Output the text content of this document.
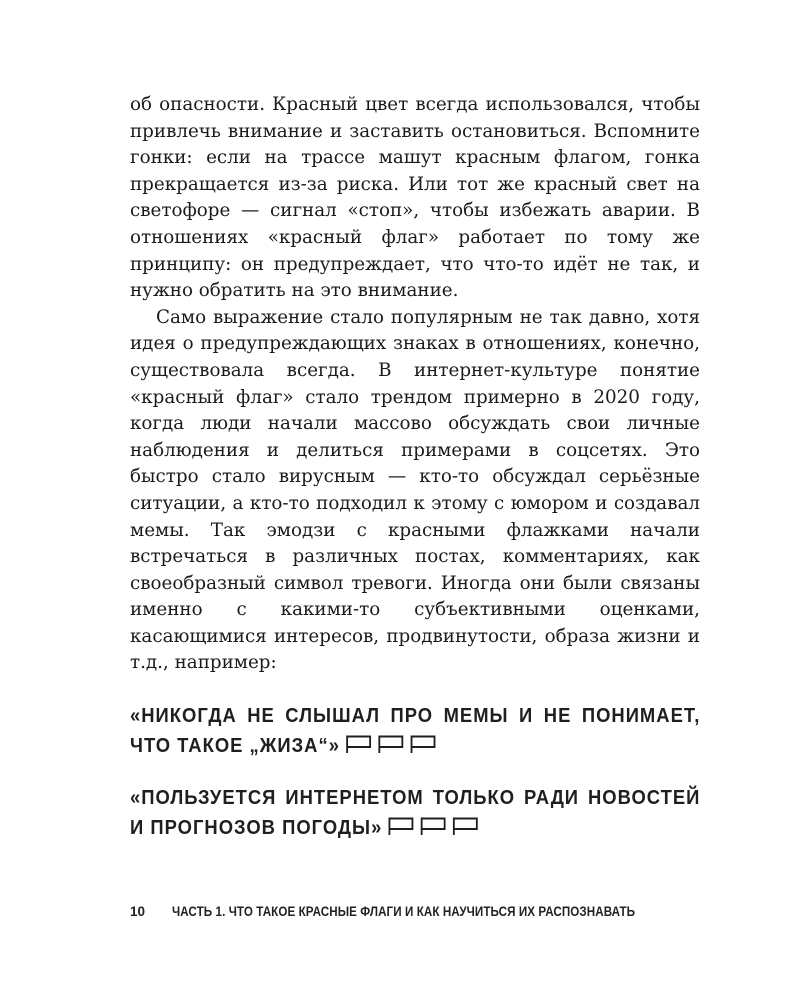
об опасности. Красный цвет всегда использовался, чтобы привлечь внимание и заставить остановиться. Вспомните гонки: если на трассе машут красным флагом, гонка прекращается из-за риска. Или тот же красный свет на светофоре — сигнал «стоп», чтобы избежать аварии. В отношениях «красный флаг» работает по тому же принципу: он предупреждает, что что-то идёт не так, и нужно обратить на это внимание.

Само выражение стало популярным не так давно, хотя идея о предупреждающих знаках в отношениях, конечно, существовала всегда. В интернет-культуре понятие «красный флаг» стало трендом примерно в 2020 году, когда люди начали массово обсуждать свои личные наблюдения и делиться примерами в соцсетях. Это быстро стало вирусным — кто-то обсуждал серьёзные ситуации, а кто-то подходил к этому с юмором и создавал мемы. Так эмодзи с красными флажками начали встречаться в различных постах, комментариях, как своеобразный символ тревоги. Иногда они были связаны именно с какими-то субъективными оценками, касающимися интересов, продвинутости, образа жизни и т.д., например:

«НИКОГДА НЕ СЛЫШАЛ ПРО МЕМЫ И НЕ ПОНИМАЕТ, ЧТО ТАКОЕ „ЖИЗА“»

«ПОЛЬЗУЕТСЯ ИНТЕРНЕТОМ ТОЛЬКО РАДИ НОВОСТЕЙ И ПРОГНОЗОВ ПОГОДЫ»

10 ЧАСТЬ 1. ЧТО ТАКОЕ КРАСНЫЕ ФЛАГИ И КАК НАУЧИТЬСЯ ИХ РАСПОЗНАВАТЬ
